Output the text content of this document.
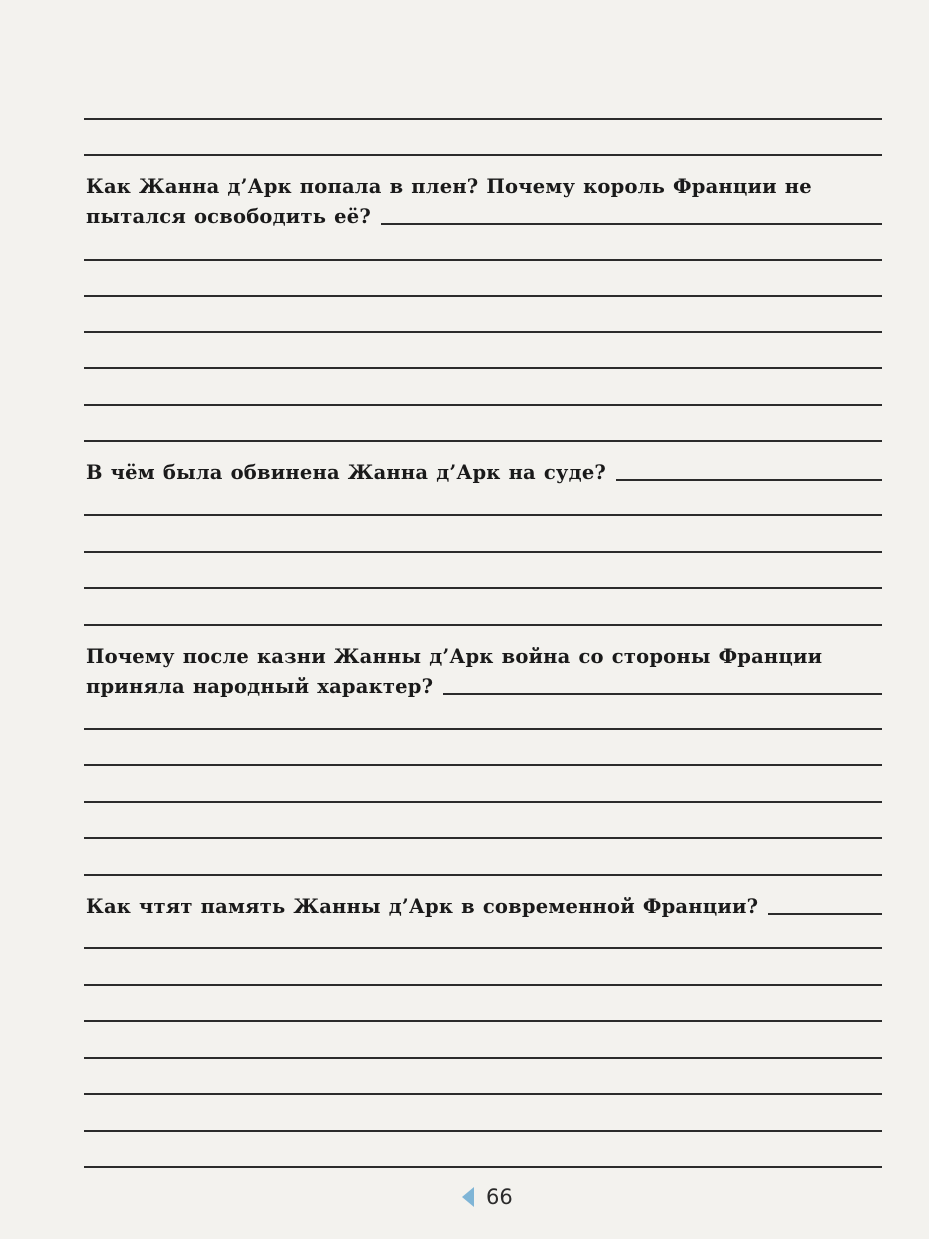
Как Жанна д’Арк попала в плен? Почему король Франции не
пытался освободить её?
В чём была обвинена Жанна д’Арк на суде?
Почему после казни Жанны д’Арк война со стороны Франции
приняла народный характер?
Как чтят память Жанны д’Арк в современной Франции?
66
